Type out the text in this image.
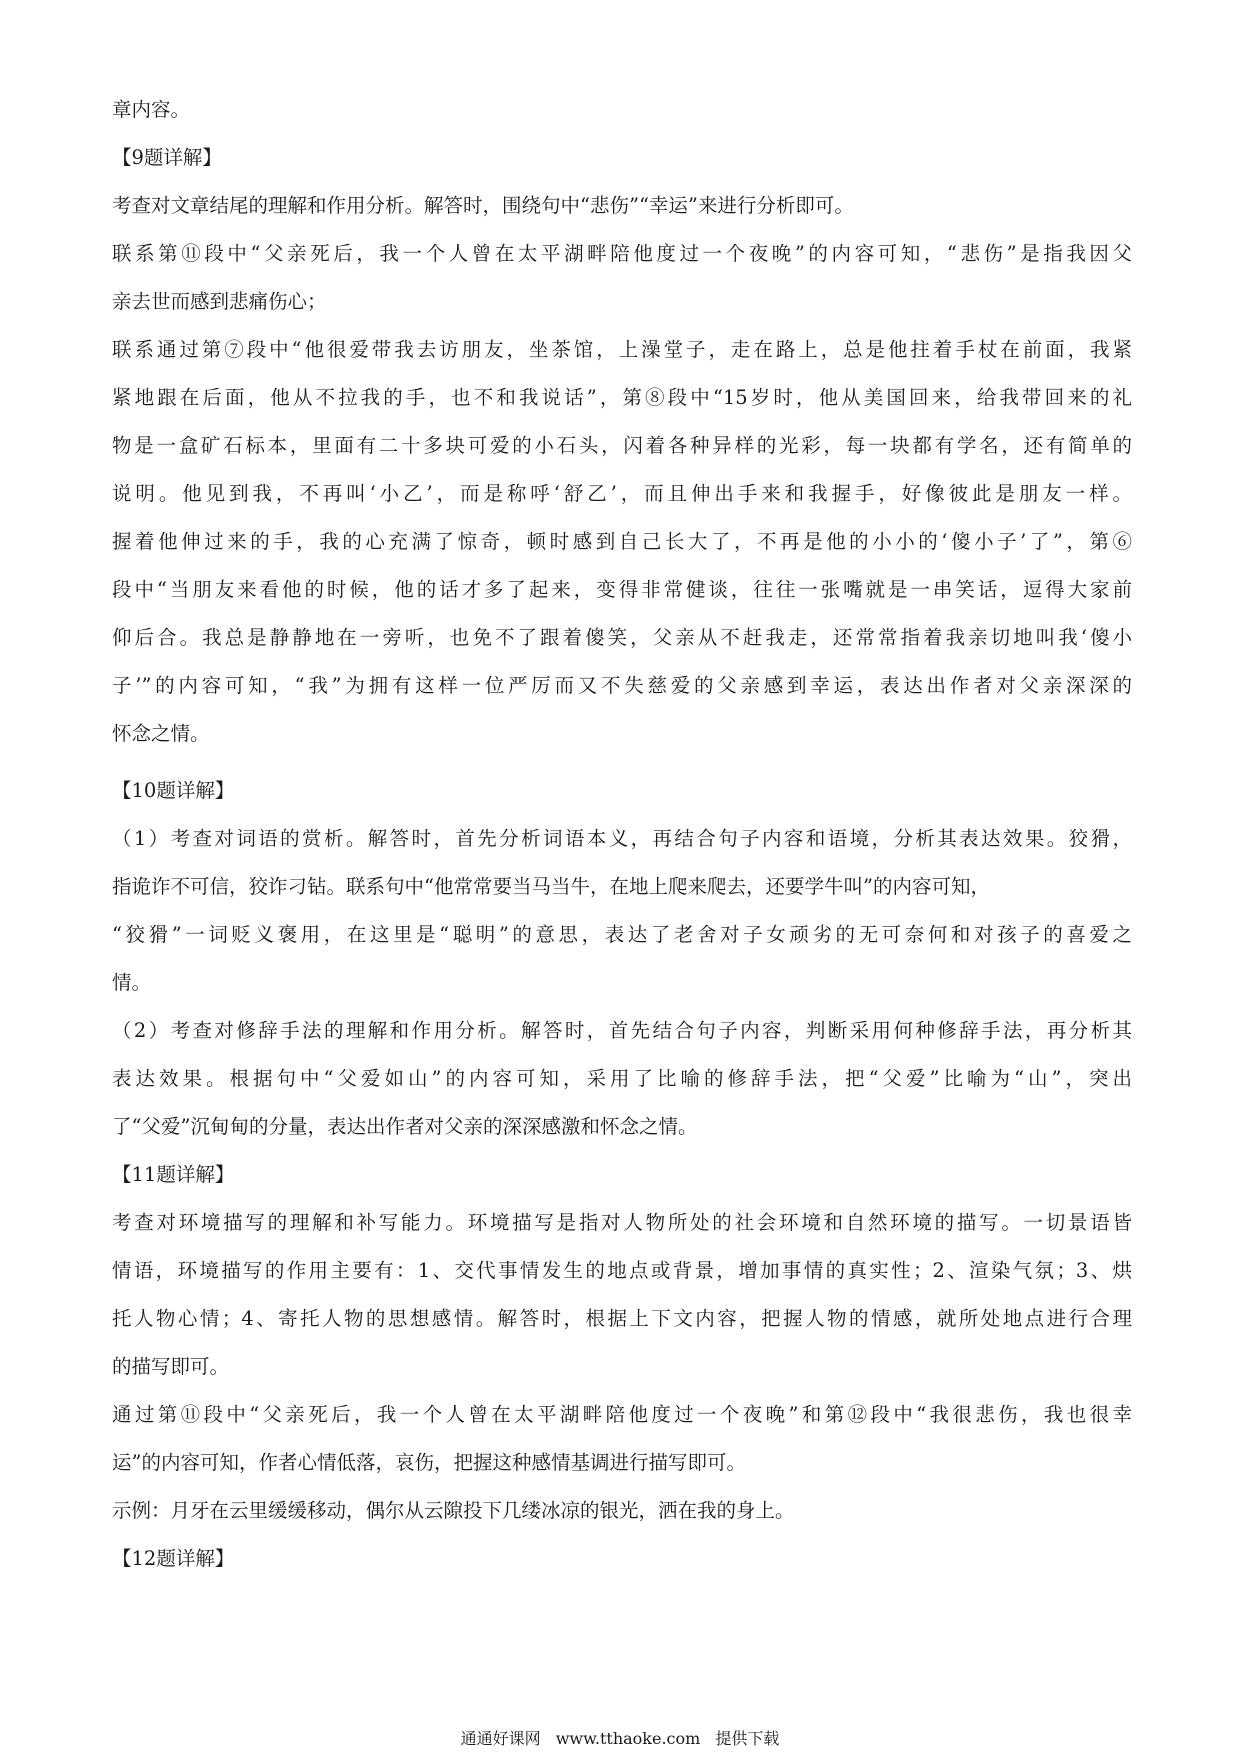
章内容。
【9题详解】
考查对文章结尾的理解和作用分析。解答时，围绕句中“悲伤”“幸运”来进行分析即可。
联系第⑪段中“父亲死后，我一个人曾在太平湖畔陪他度过一个夜晚”的内容可知，“悲伤”是指我因父
亲去世而感到悲痛伤心；
联系通过第⑦段中“他很爱带我去访朋友，坐茶馆，上澡堂子，走在路上，总是他拄着手杖在前面，我紧
紧地跟在后面，他从不拉我的手，也不和我说话”，第⑧段中“15岁时，他从美国回来，给我带回来的礼
物是一盒矿石标本，里面有二十多块可爱的小石头，闪着各种异样的光彩，每一块都有学名，还有简单的
说明。他见到我，不再叫‘小乙’，而是称呼‘舒乙’，而且伸出手来和我握手，好像彼此是朋友一样。
握着他伸过来的手，我的心充满了惊奇，顿时感到自己长大了，不再是他的小小的‘傻小子’了”，第⑥
段中“当朋友来看他的时候，他的话才多了起来，变得非常健谈，往往一张嘴就是一串笑话，逗得大家前
仰后合。我总是静静地在一旁听，也免不了跟着傻笑，父亲从不赶我走，还常常指着我亲切地叫我‘傻小
子’”的内容可知，“我”为拥有这样一位严厉而又不失慈爱的父亲感到幸运，表达出作者对父亲深深的
怀念之情。
【10题详解】
（1）考查对词语的赏析。解答时，首先分析词语本义，再结合句子内容和语境，分析其表达效果。狡猾，
指诡诈不可信，狡诈刁钻。联系句中“他常常要当马当牛，在地上爬来爬去，还要学牛叫”的内容可知，
“狡猾”一词贬义褒用，在这里是“聪明”的意思，表达了老舍对子女顽劣的无可奈何和对孩子的喜爱之
情。
（2）考查对修辞手法的理解和作用分析。解答时，首先结合句子内容，判断采用何种修辞手法，再分析其
表达效果。根据句中“父爱如山”的内容可知，采用了比喻的修辞手法，把“父爱”比喻为“山”，突出
了“父爱”沉甸甸的分量，表达出作者对父亲的深深感激和怀念之情。
【11题详解】
考查对环境描写的理解和补写能力。环境描写是指对人物所处的社会环境和自然环境的描写。一切景语皆
情语，环境描写的作用主要有：1、交代事情发生的地点或背景，增加事情的真实性；2、渲染气氛；3、烘
托人物心情；4、寄托人物的思想感情。解答时，根据上下文内容，把握人物的情感，就所处地点进行合理
的描写即可。
通过第⑪段中“父亲死后，我一个人曾在太平湖畔陪他度过一个夜晚”和第⑫段中“我很悲伤，我也很幸
运”的内容可知，作者心情低落，哀伤，把握这种感情基调进行描写即可。
示例：月牙在云里缓缓移动，偶尔从云隙投下几缕冰凉的银光，洒在我的身上。
【12题详解】
通通好课网 www.tthaoke.com 提供下载
